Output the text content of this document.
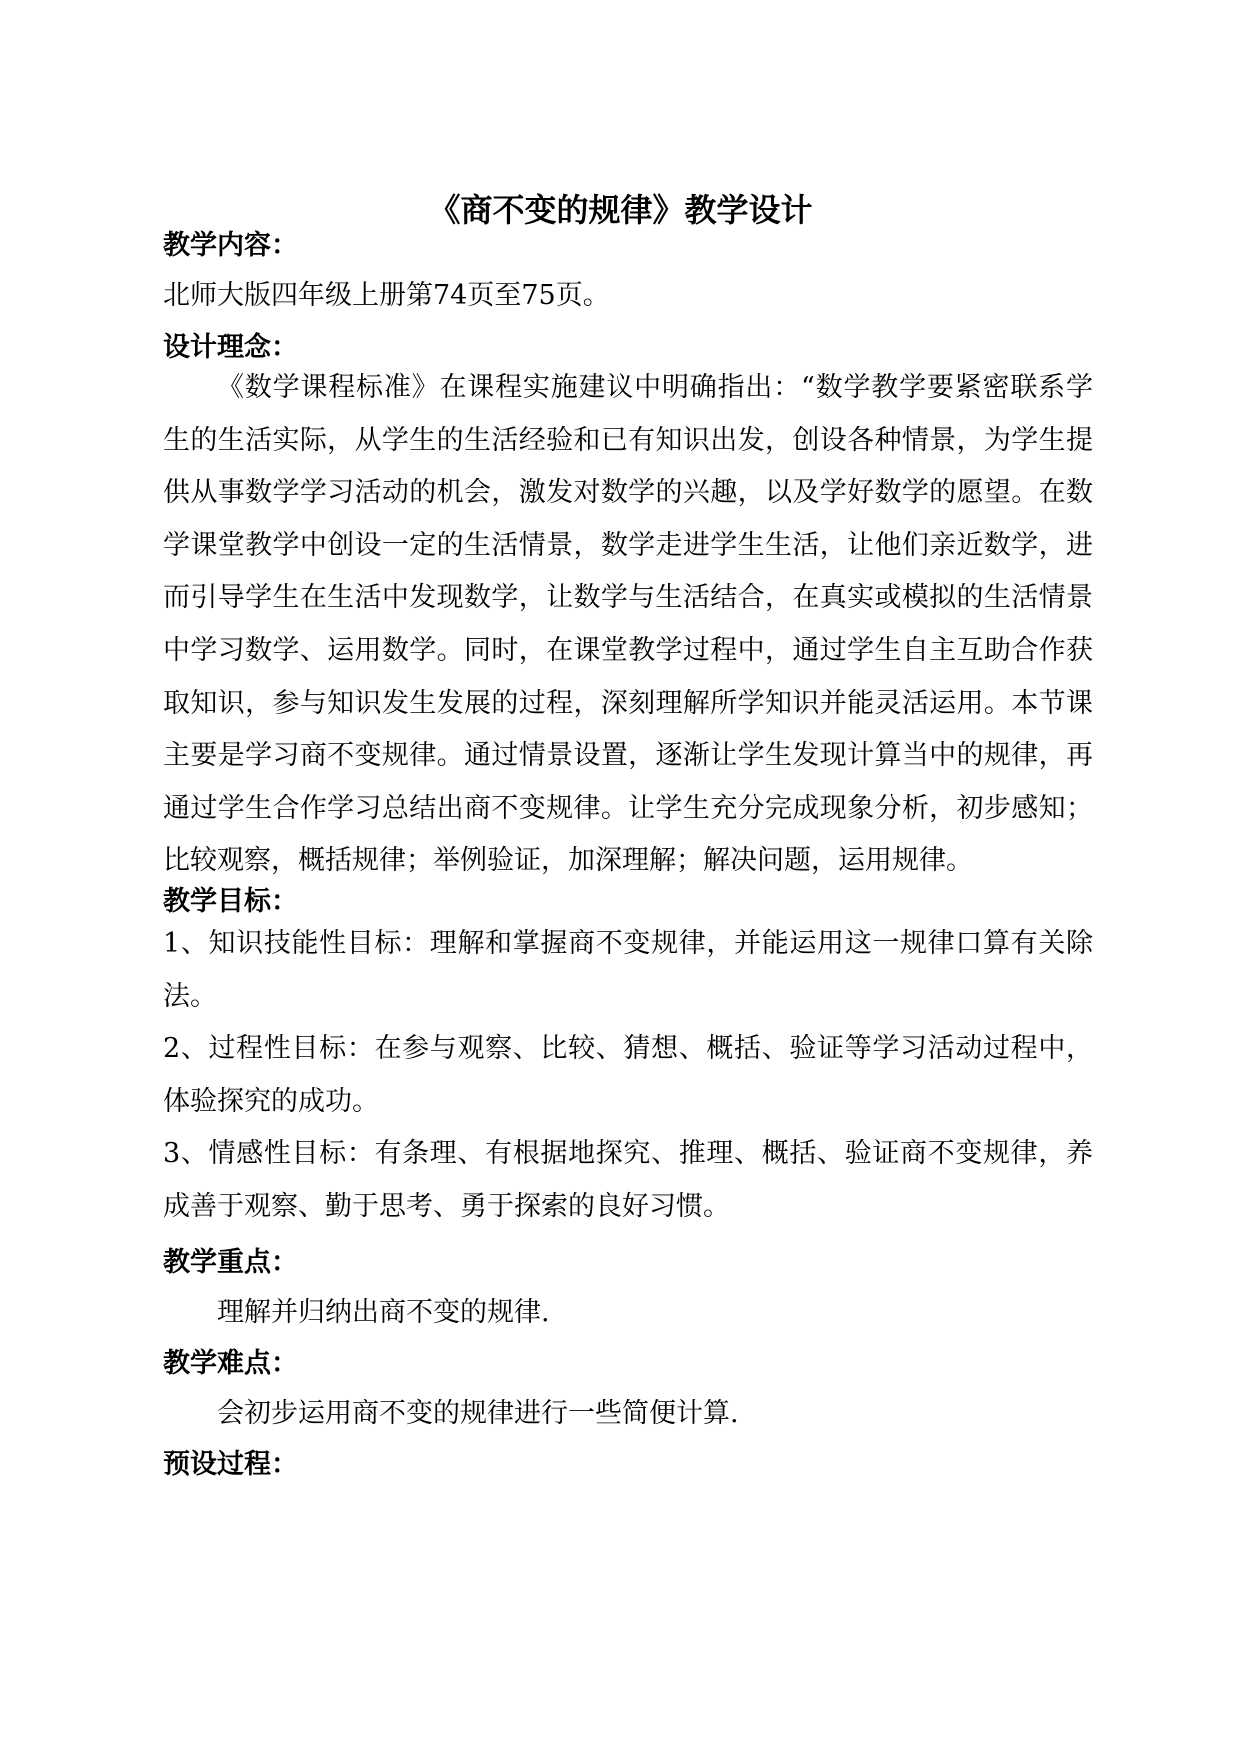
《商不变的规律》教学设计
教学内容：
北师大版四年级上册第74页至75页。
设计理念：
《数学课程标准》在课程实施建议中明确指出：“数学教学要紧密联系学生的生活实际，从学生的生活经验和已有知识出发，创设各种情景，为学生提供从事数学学习活动的机会，激发对数学的兴趣，以及学好数学的愿望。在数学课堂教学中创设一定的生活情景，数学走进学生生活，让他们亲近数学，进而引导学生在生活中发现数学，让数学与生活结合，在真实或模拟的生活情景中学习数学、运用数学。同时，在课堂教学过程中，通过学生自主互助合作获取知识，参与知识发生发展的过程，深刻理解所学知识并能灵活运用。本节课主要是学习商不变规律。通过情景设置，逐渐让学生发现计算当中的规律，再通过学生合作学习总结出商不变规律。让学生充分完成现象分析，初步感知；比较观察，概括规律；举例验证，加深理解；解决问题，运用规律。
教学目标：
1、知识技能性目标：理解和掌握商不变规律，并能运用这一规律口算有关除法。
2、过程性目标：在参与观察、比较、猜想、概括、验证等学习活动过程中，体验探究的成功。
3、情感性目标：有条理、有根据地探究、推理、概括、验证商不变规律，养成善于观察、勤于思考、勇于探索的良好习惯。
教学重点：
理解并归纳出商不变的规律.
教学难点：
会初步运用商不变的规律进行一些简便计算.
预设过程：
